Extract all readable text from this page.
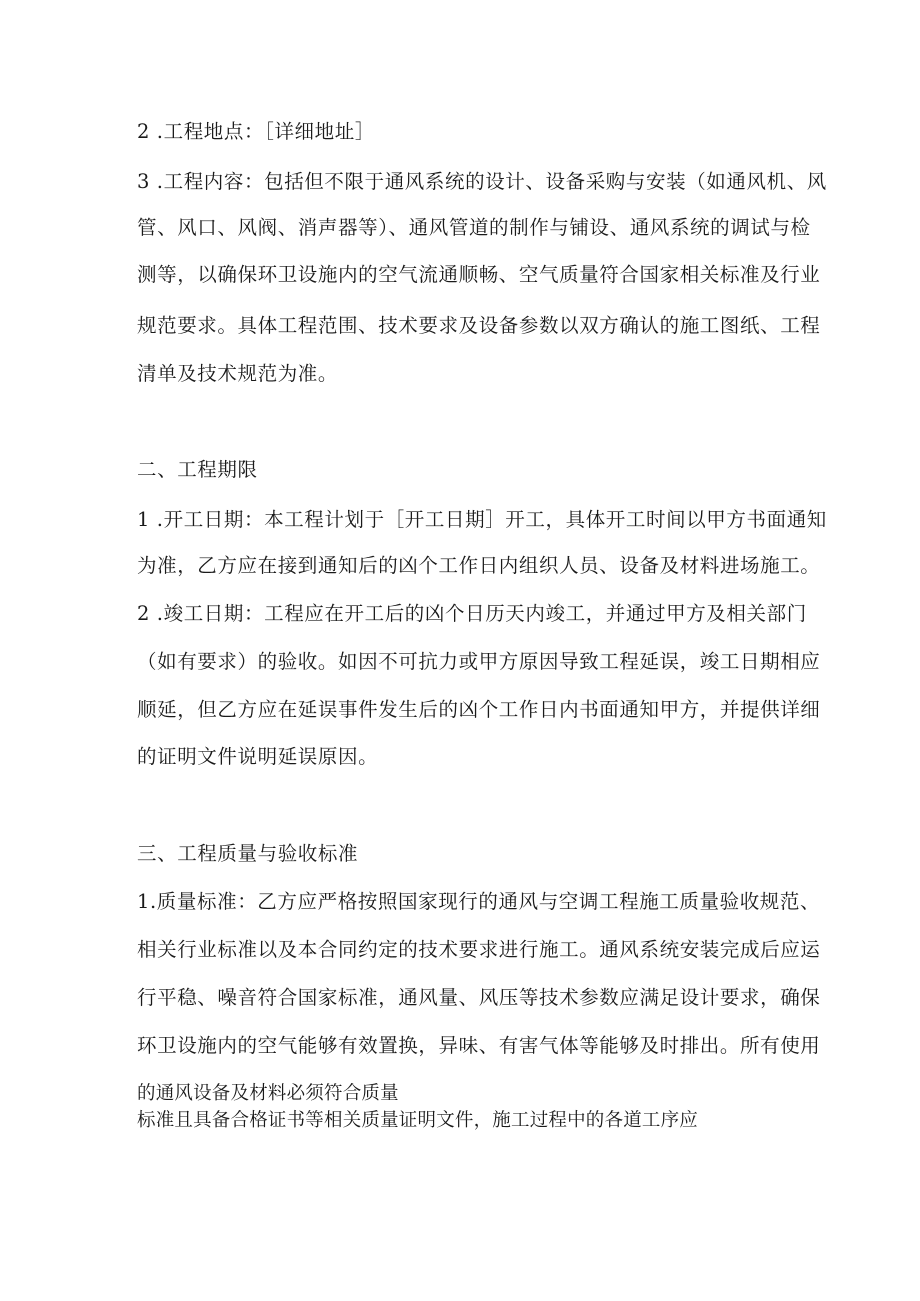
2 .工程地点：［详细地址］
3 .工程内容：包括但不限于通风系统的设计、设备采购与安装（如通风机、风
管、风口、风阀、消声器等）、通风管道的制作与铺设、通风系统的调试与检
测等，以确保环卫设施内的空气流通顺畅、空气质量符合国家相关标准及行业
规范要求。具体工程范围、技术要求及设备参数以双方确认的施工图纸、工程
清单及技术规范为准。
二、工程期限
1 .开工日期：本工程计划于［开工日期］开工，具体开工时间以甲方书面通知
为准，乙方应在接到通知后的凶个工作日内组织人员、设备及材料进场施工。
2 .竣工日期：工程应在开工后的凶个日历天内竣工，并通过甲方及相关部门
（如有要求）的验收。如因不可抗力或甲方原因导致工程延误，竣工日期相应
顺延，但乙方应在延误事件发生后的凶个工作日内书面通知甲方，并提供详细
的证明文件说明延误原因。
三、工程质量与验收标准
1.质量标准：乙方应严格按照国家现行的通风与空调工程施工质量验收规范、
相关行业标准以及本合同约定的技术要求进行施工。通风系统安装完成后应运
行平稳、噪音符合国家标准，通风量、风压等技术参数应满足设计要求，确保
环卫设施内的空气能够有效置换，异味、有害气体等能够及时排出。所有使用
的通风设备及材料必须符合质量
标准且具备合格证书等相关质量证明文件，施工过程中的各道工序应
